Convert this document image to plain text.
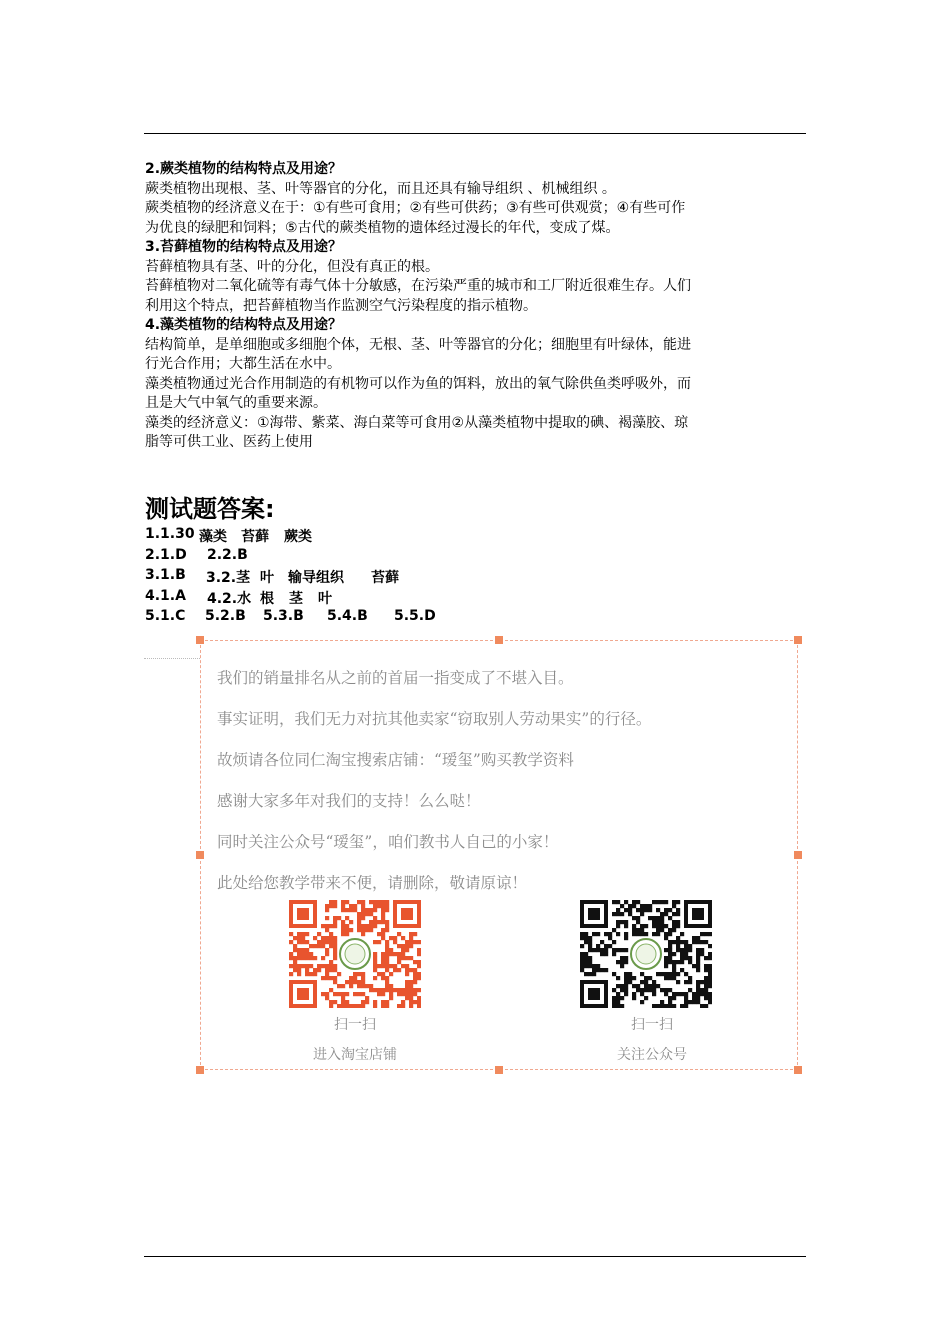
2.蕨类植物的结构特点及用途？
蕨类植物出现根、茎、叶等器官的分化，而且还具有输导组织 、机械组织 。
蕨类植物的经济意义在于：①有些可食用；②有些可供药；③有些可供观赏；④有些可作
为优良的绿肥和饲料；⑤古代的蕨类植物的遗体经过漫长的年代，变成了煤。
3.苔藓植物的结构特点及用途？
苔藓植物具有茎、叶的分化，但没有真正的根。
苔藓植物对二氧化硫等有毒气体十分敏感，在污染严重的城市和工厂附近很难生存。人们
利用这个特点，把苔藓植物当作监测空气污染程度的指示植物。
4.藻类植物的结构特点及用途？
结构简单，是单细胞或多细胞个体，无根、茎、叶等器官的分化；细胞里有叶绿体，能进
行光合作用；大都生活在水中。
藻类植物通过光合作用制造的有机物可以作为鱼的饵料，放出的氧气除供鱼类呼吸外，而
且是大气中氧气的重要来源。
藻类的经济意义：①海带、紫菜、海白菜等可食用②从藻类植物中提取的碘、褐藻胶、琼
脂等可供工业、医药上使用
测试题答案:
1.1.30 藻类 苔藓 蕨类
2.1.D 2.2.B
3.1.B 3.2.茎 叶 输导组织 苔藓
4.1.A 4.2.水 根 茎 叶
5.1.C 5.2.B 5.3.B 5.4.B 5.5.D
我们的销量排名从之前的首届一指变成了不堪入目。
事实证明，我们无力对抗其他卖家“窃取别人劳动果实”的行径。
故烦请各位同仁淘宝搜索店铺：“瑷玺”购买教学资料
感谢大家多年对我们的支持！么么哒！
同时关注公众号“瑷玺”，咱们教书人自己的小家！
此处给您教学带来不便，请删除，敬请原谅！
扫一扫
进入淘宝店铺
扫一扫
关注公众号
